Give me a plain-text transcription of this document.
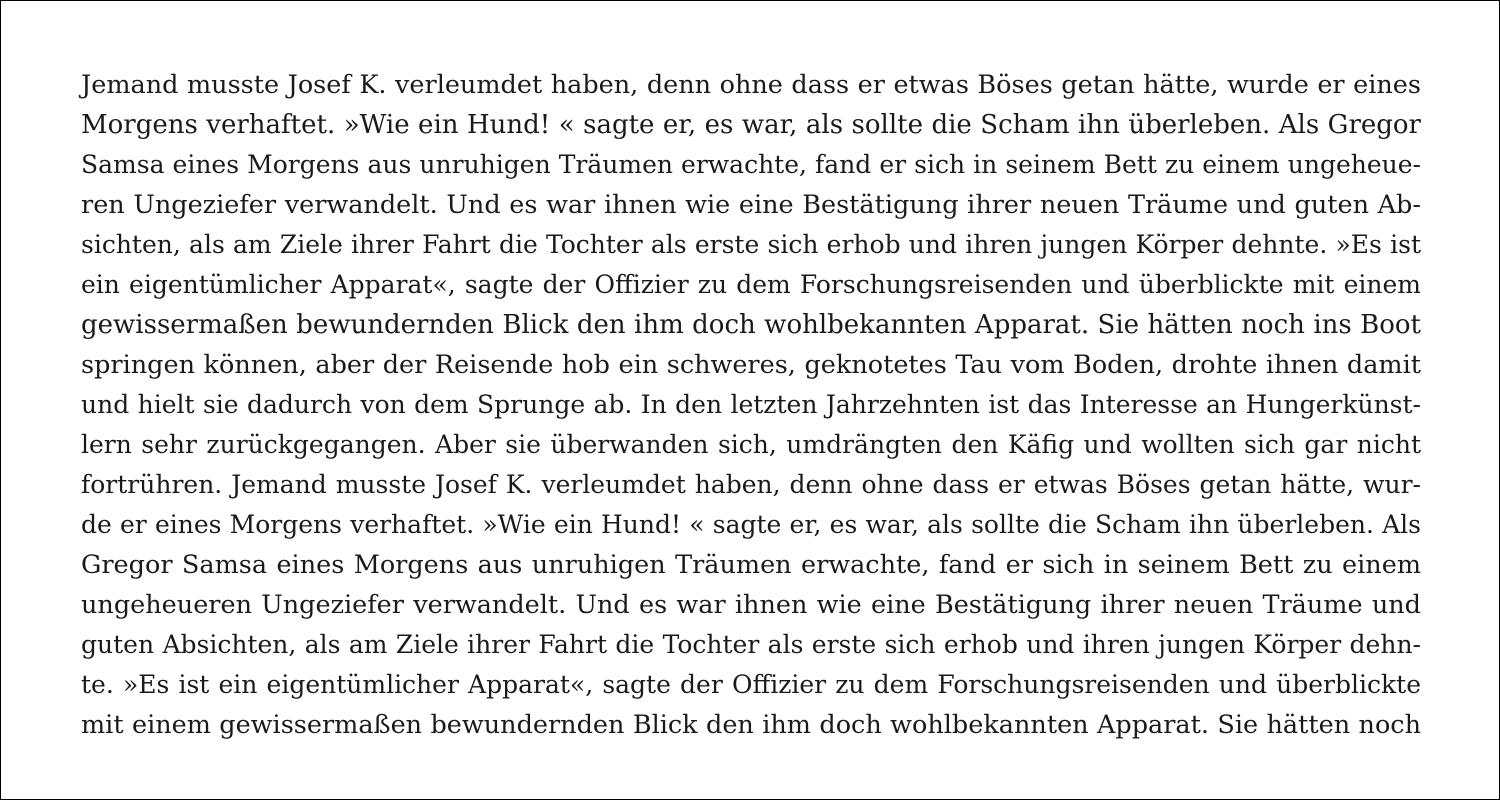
Jemand musste Josef K. verleumdet haben, denn ohne dass er etwas Böses getan hätte, wurde er eines
Morgens verhaftet. »Wie ein Hund! « sagte er, es war, als sollte die Scham ihn überleben. Als Gregor
Samsa eines Morgens aus unruhigen Träumen erwachte, fand er sich in seinem Bett zu einem ungeheue-
ren Ungeziefer verwandelt. Und es war ihnen wie eine Bestätigung ihrer neuen Träume und guten Ab-
sichten, als am Ziele ihrer Fahrt die Tochter als erste sich erhob und ihren jungen Körper dehnte. »Es ist
ein eigentümlicher Apparat«, sagte der Offizier zu dem Forschungsreisenden und überblickte mit einem
gewissermaßen bewundernden Blick den ihm doch wohlbekannten Apparat. Sie hätten noch ins Boot
springen können, aber der Reisende hob ein schweres, geknotetes Tau vom Boden, drohte ihnen damit
und hielt sie dadurch von dem Sprunge ab. In den letzten Jahrzehnten ist das Interesse an Hungerkünst-
lern sehr zurückgegangen. Aber sie überwanden sich, umdrängten den Käfig und wollten sich gar nicht
fortrühren. Jemand musste Josef K. verleumdet haben, denn ohne dass er etwas Böses getan hätte, wur-
de er eines Morgens verhaftet. »Wie ein Hund! « sagte er, es war, als sollte die Scham ihn überleben. Als
Gregor Samsa eines Morgens aus unruhigen Träumen erwachte, fand er sich in seinem Bett zu einem
ungeheueren Ungeziefer verwandelt. Und es war ihnen wie eine Bestätigung ihrer neuen Träume und
guten Absichten, als am Ziele ihrer Fahrt die Tochter als erste sich erhob und ihren jungen Körper dehn-
te. »Es ist ein eigentümlicher Apparat«, sagte der Offizier zu dem Forschungsreisenden und überblickte
mit einem gewissermaßen bewundernden Blick den ihm doch wohlbekannten Apparat. Sie hätten noch
